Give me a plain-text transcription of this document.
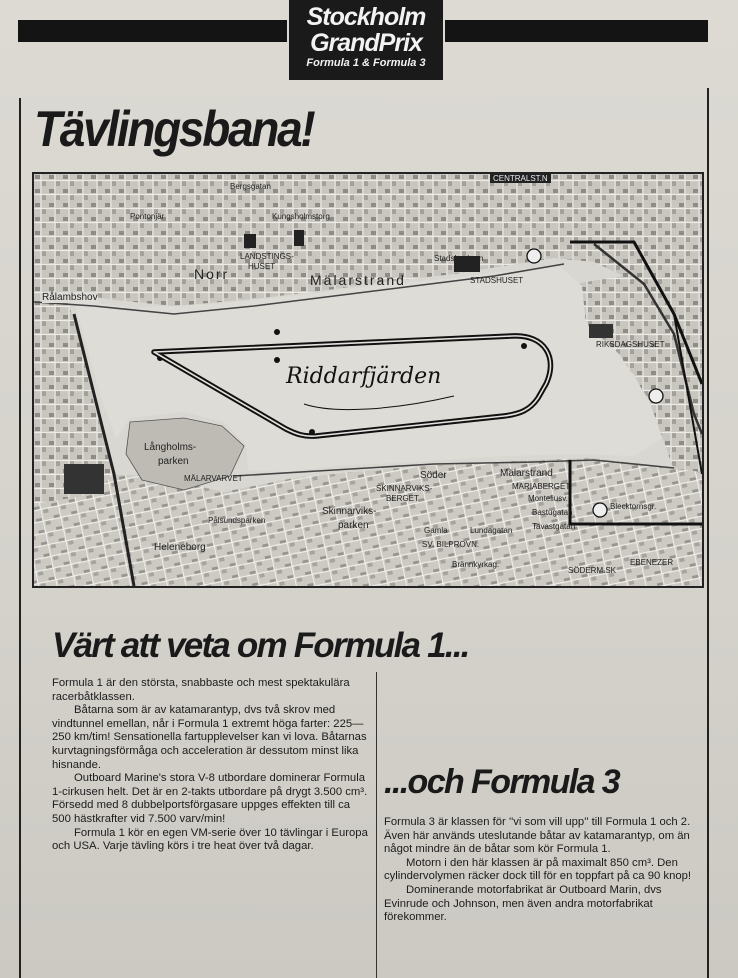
Stockholm
GrandPrix
Formula 1 & Formula 3
Tävlingsbana!
CENTRALST.N
Pontonjär
Bergsgatan
LANDSTINGS-
HUSET
Norr	Mälarstrand
Rålambshov
STADSHUSET
Långholms-
parken
MÄLARVARVET	Söder	Mälarstrand
Pålsundsparken
Skinnarviks-
parken
SKINNARVIKS-
BERGET
Lundagatan
SV. BILPROVN.
Brännkyrkag.
Heleneborg
MARIABERGET
Monteliusv.
Tavastgatan
Bastugatan
EBENEZER
SÖDERM.SK
Kungsholmstorg
Gamla
Stadshusbron
RIKSDAGSHUSET
Blecktornsgr.
Riddarfjärden
Värt att veta om Formula 1...

Formula 1 är den största, snabbaste och mest spektakulära racerbåtklassen.

Båtarna som är av katamarantyp, dvs två skrov med vindtunnel emellan, når i Formula 1 extremt höga farter: 225—250 km/tim! Sensationella fartupplevelser kan vi lova. Båtarnas kurvtagningsförmåga och acceleration är dessutom minst lika hisnande.

Outboard Marine's stora V-8 utbordare dominerar Formula 1-cirkusen helt. Det är en 2-takts utbordare på drygt 3.500 cm³. Försedd med 8 dubbelportsförgasare uppges effekten till ca 500 hästkrafter vid 7.500 varv/min!

Formula 1 kör en egen VM-serie över 10 tävlingar i Europa och USA. Varje tävling körs i tre heat över två dagar.

...och Formula 3

Formula 3 är klassen för ''vi som vill upp'' till Formula 1 och 2. Även här används uteslutande båtar av katamarantyp, om än något mindre än de båtar som kör Formula 1.

Motorn i den här klassen är på maximalt 850 cm³. Den cylindervolymen räcker dock till för en toppfart på ca 90 knop!

Dominerande motorfabrikat är Outboard Marin, dvs Evinrude och Johnson, men även andra motorfabrikat förekommer.
